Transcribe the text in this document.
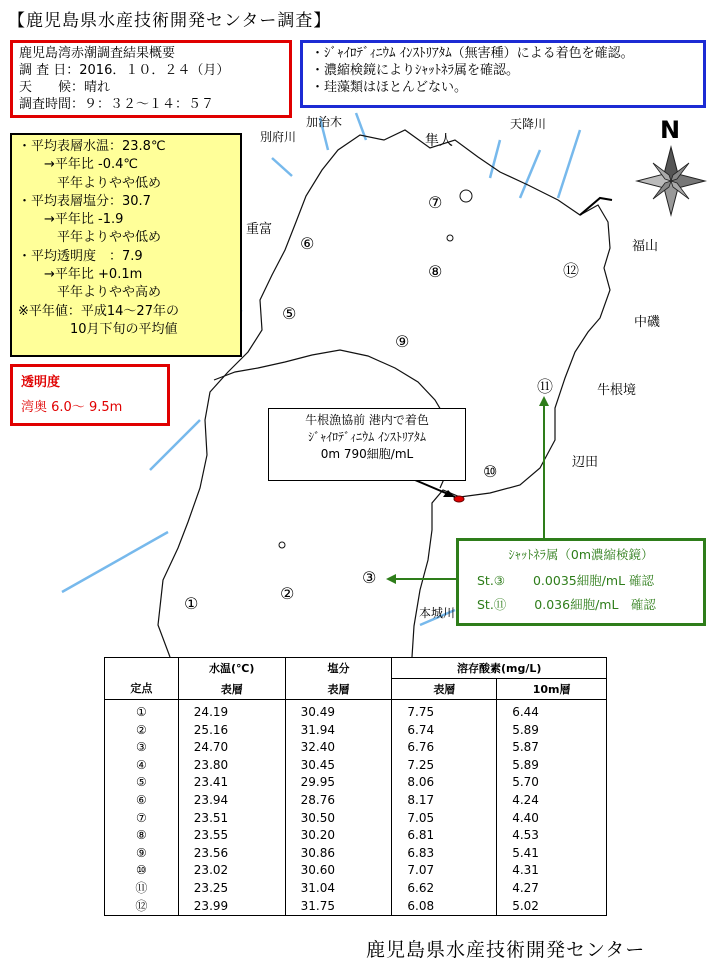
【鹿児島県水産技術開発センター調査】
鹿児島湾赤潮調査結果概要
調 査 日：2016．１０．２４（月）
天　　候：晴れ
調査時間：９：３２〜１４：５７
・ｼﾞｬｲﾛﾃﾞｨﾆｳﾑ ｲﾝｽﾄﾘｱﾀﾑ（無害種）による着色を確認。
・濃縮検鏡によりｼｬｯﾄﾈﾗ属を確認。
・珪藻類はほとんどない。
・平均表層水温：23.8℃
　　→平年比 -0.4℃
　　　平年よりやや低め
・平均表層塩分：30.7
　　→平年比 -1.9
　　　平年よりやや低め
・平均透明度　：7.9
　　→平年比 +0.1m
　　　平年よりやや高め
※平年値：平成14〜27年の
　　　　10月下旬の平均値
透明度
湾奥 6.0〜 9.5m
牛根漁協前 港内で着色
ｼﾞｬｲﾛﾃﾞｨﾆｳﾑ ｲﾝｽﾄﾘｱﾀﾑ
0m 790細胞/mL
ｼｬｯﾄﾈﾗ属（0m濃縮検鏡）
St.③ 0.0035細胞/mL 確認
St.⑪ 0.036細胞/mL　確認
加治木
別府川	隼人
天降川
重富
福山
中磯
牛根境
辺田
本城川
N
①
②
③
⑤
⑥
⑦
⑧
⑨
⑩
⑪
⑫
定点	水温(℃)	塩分	溶存酸素(mg/L)	
	表層	表層	表層	10m層
①	24.19	30.49	7.75	6.44
②	25.16	31.94	6.74	5.89
③	24.70	32.40	6.76	5.87
④	23.80	30.45	7.25	5.89
⑤	23.41	29.95	8.06	5.70
⑥	23.94	28.76	8.17	4.24
⑦	23.51	30.50	7.05	4.40
⑧	23.55	30.20	6.81	4.53
⑨	23.56	30.86	6.83	5.41
⑩	23.02	30.60	7.07	4.31
⑪	23.25	31.04	6.62	4.27
⑫	23.99	31.75	6.08	5.02
鹿児島県水産技術開発センター
